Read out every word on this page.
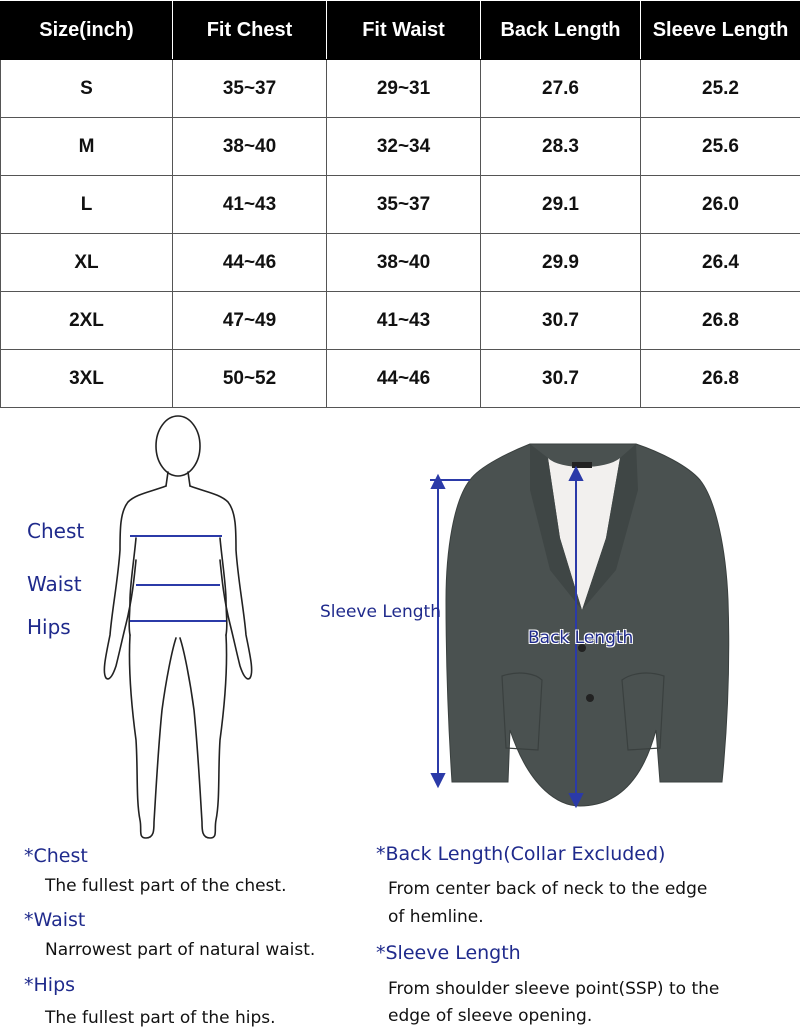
Size(inch)	Fit Chest	Fit Waist	Back Length	Sleeve Length
S	35~37	29~31	27.6	25.2
M	38~40	32~34	28.3	25.6
L	41~43	35~37	29.1	26.0
XL	44~46	38~40	29.9	26.4
2XL	47~49	41~43	30.7	26.8
3XL	50~52	44~46	30.7	26.8
Chest
Waist
Hips
Sleeve Length
Back Length
*Chest
The fullest part of the chest.
*Waist
Narrowest part of natural waist.
*Hips
The fullest part of the hips.
*Back Length(Collar Excluded)
From center back of neck to the edge
of hemline.
*Sleeve Length
From shoulder sleeve point(SSP) to the
edge of sleeve opening.
